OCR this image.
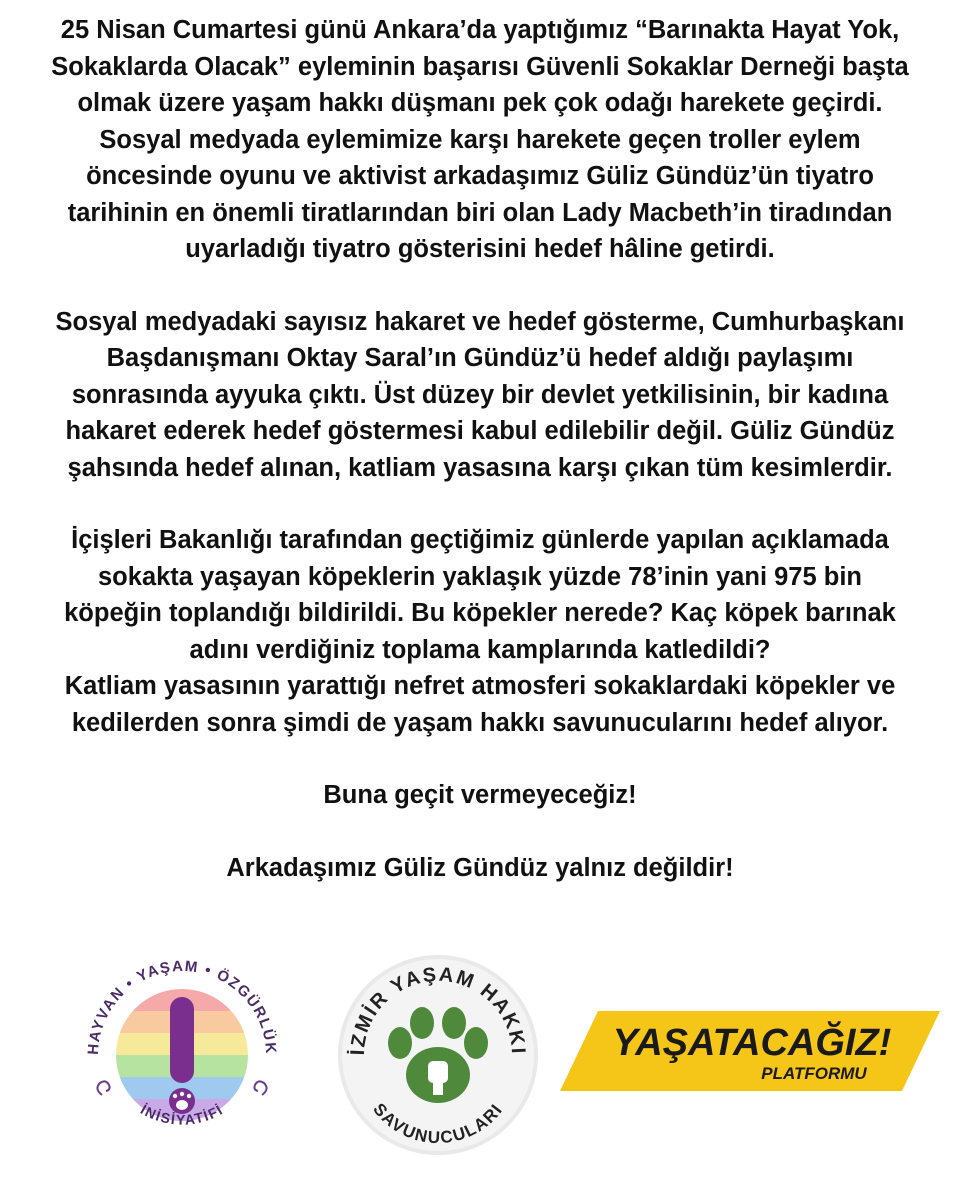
25 Nisan Cumartesi günü Ankara’da yaptığımız “Barınakta Hayat Yok,
Sokaklarda Olacak” eyleminin başarısı Güvenli Sokaklar Derneği başta
olmak üzere yaşam hakkı düşmanı pek çok odağı harekete geçirdi.
Sosyal medyada eylemimize karşı harekete geçen troller eylem
öncesinde oyunu ve aktivist arkadaşımız Güliz Gündüz’ün tiyatro
tarihinin en önemli tiratlarından biri olan Lady Macbeth’in tiradından
uyarladığı tiyatro gösterisini hedef hâline getirdi.

Sosyal medyadaki sayısız hakaret ve hedef gösterme, Cumhurbaşkanı
Başdanışmanı Oktay Saral’ın Gündüz’ü hedef aldığı paylaşımı
sonrasında ayyuka çıktı. Üst düzey bir devlet yetkilisinin, bir kadına
hakaret ederek hedef göstermesi kabul edilebilir değil. Güliz Gündüz
şahsında hedef alınan, katliam yasasına karşı çıkan tüm kesimlerdir.

İçişleri Bakanlığı tarafından geçtiğimiz günlerde yapılan açıklamada
sokakta yaşayan köpeklerin yaklaşık yüzde 78’inin yani 975 bin
köpeğin toplandığı bildirildi. Bu köpekler nerede? Kaç köpek barınak
adını verdiğiniz toplama kamplarında katledildi?
Katliam yasasının yarattığı nefret atmosferi sokaklardaki köpekler ve
kedilerden sonra şimdi de yaşam hakkı savunucularını hedef alıyor.

Buna geçit vermeyeceğiz!

Arkadaşımız Güliz Gündüz yalnız değildir!

HAYVAN • YAŞAM • ÖZGÜRLÜK
İNİSİYATİFİ
İZMİR YAŞAM HAKKI
SAVUNUCULARI
YAŞATACAĞIZ!
PLATFORMU
